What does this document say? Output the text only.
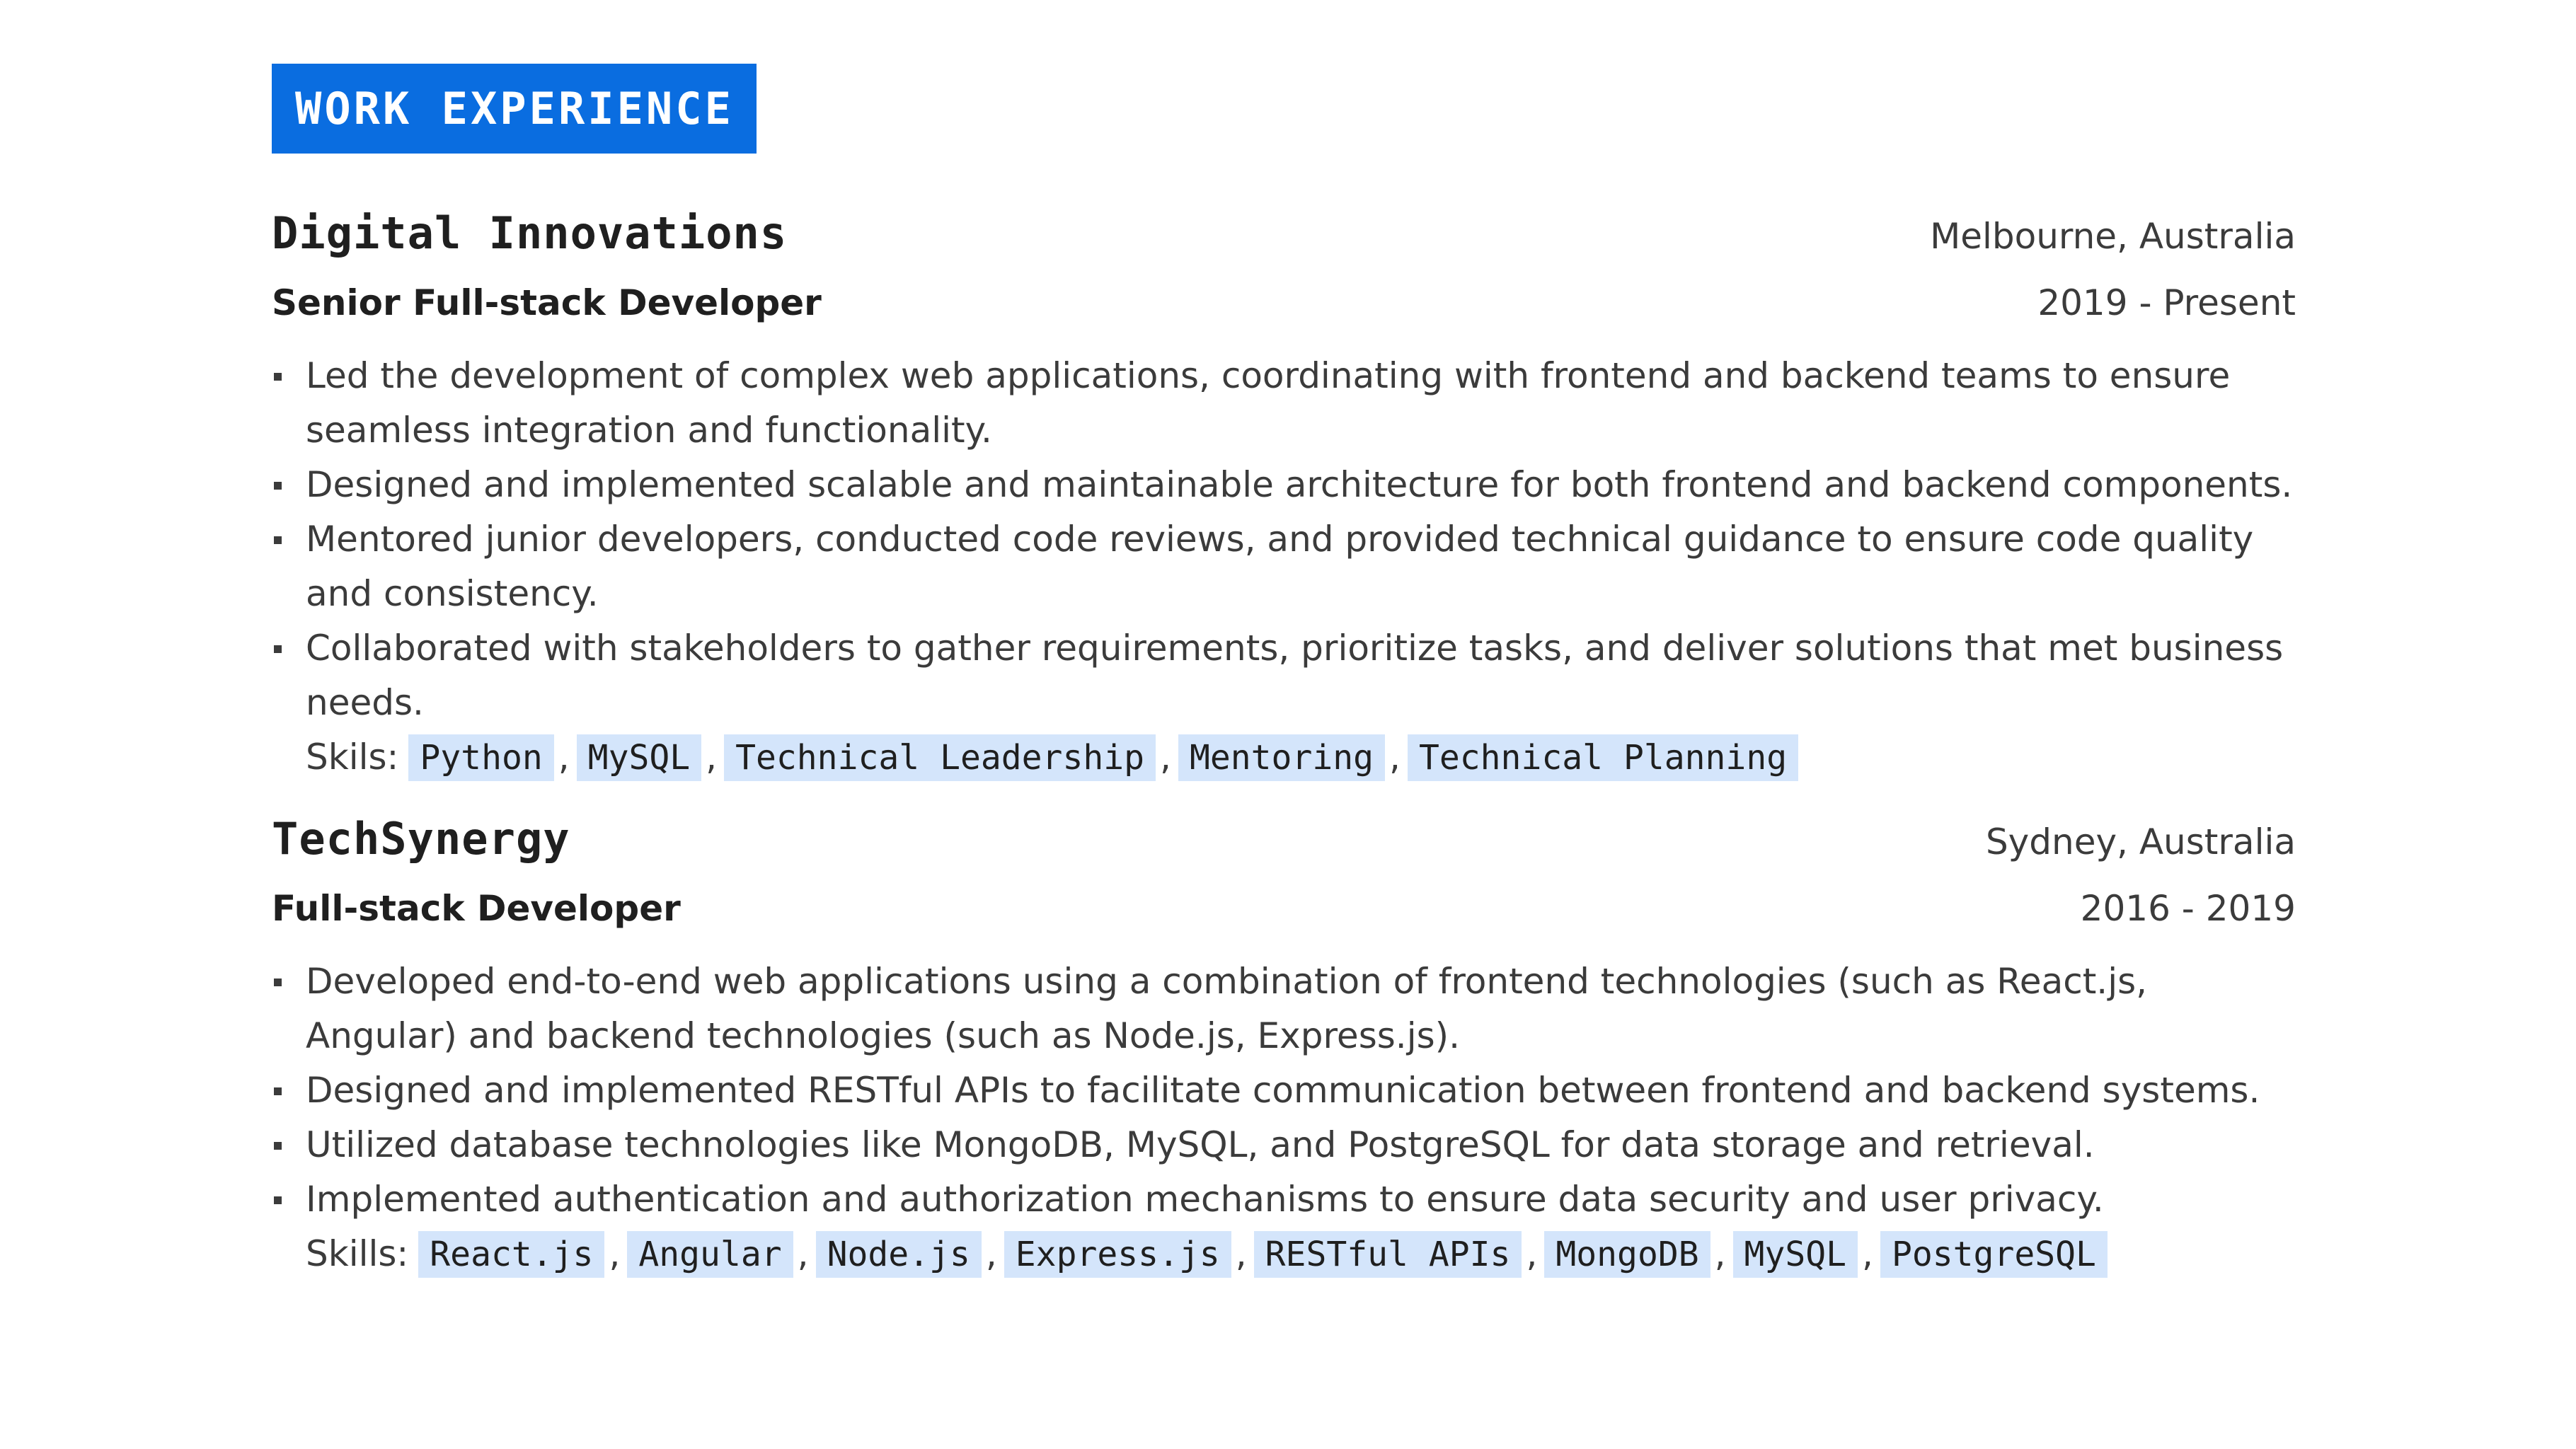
WORK EXPERIENCE
Digital Innovations	Melbourne, Australia
Senior Full-stack Developer	2019 - Present
Led the development of complex web applications, coordinating with frontend and backend teams to ensure seamless integration and functionality.
Designed and implemented scalable and maintainable architecture for both frontend and backend components.
Mentored junior developers, conducted code reviews, and provided technical guidance to ensure code quality and consistency.
Collaborated with stakeholders to gather requirements, prioritize tasks, and deliver solutions that met business needs.
Skils: Python , MySQL , Technical Leadership , Mentoring , Technical Planning
TechSynergy	Sydney, Australia
Full-stack Developer	2016 - 2019
Developed end-to-end web applications using a combination of frontend technologies (such as React.js, Angular) and backend technologies (such as Node.js, Express.js).
Designed and implemented RESTful APIs to facilitate communication between frontend and backend systems.
Utilized database technologies like MongoDB, MySQL, and PostgreSQL for data storage and retrieval.
Implemented authentication and authorization mechanisms to ensure data security and user privacy.
Skills: React.js , Angular , Node.js , Express.js , RESTful APIs , MongoDB , MySQL , PostgreSQL
